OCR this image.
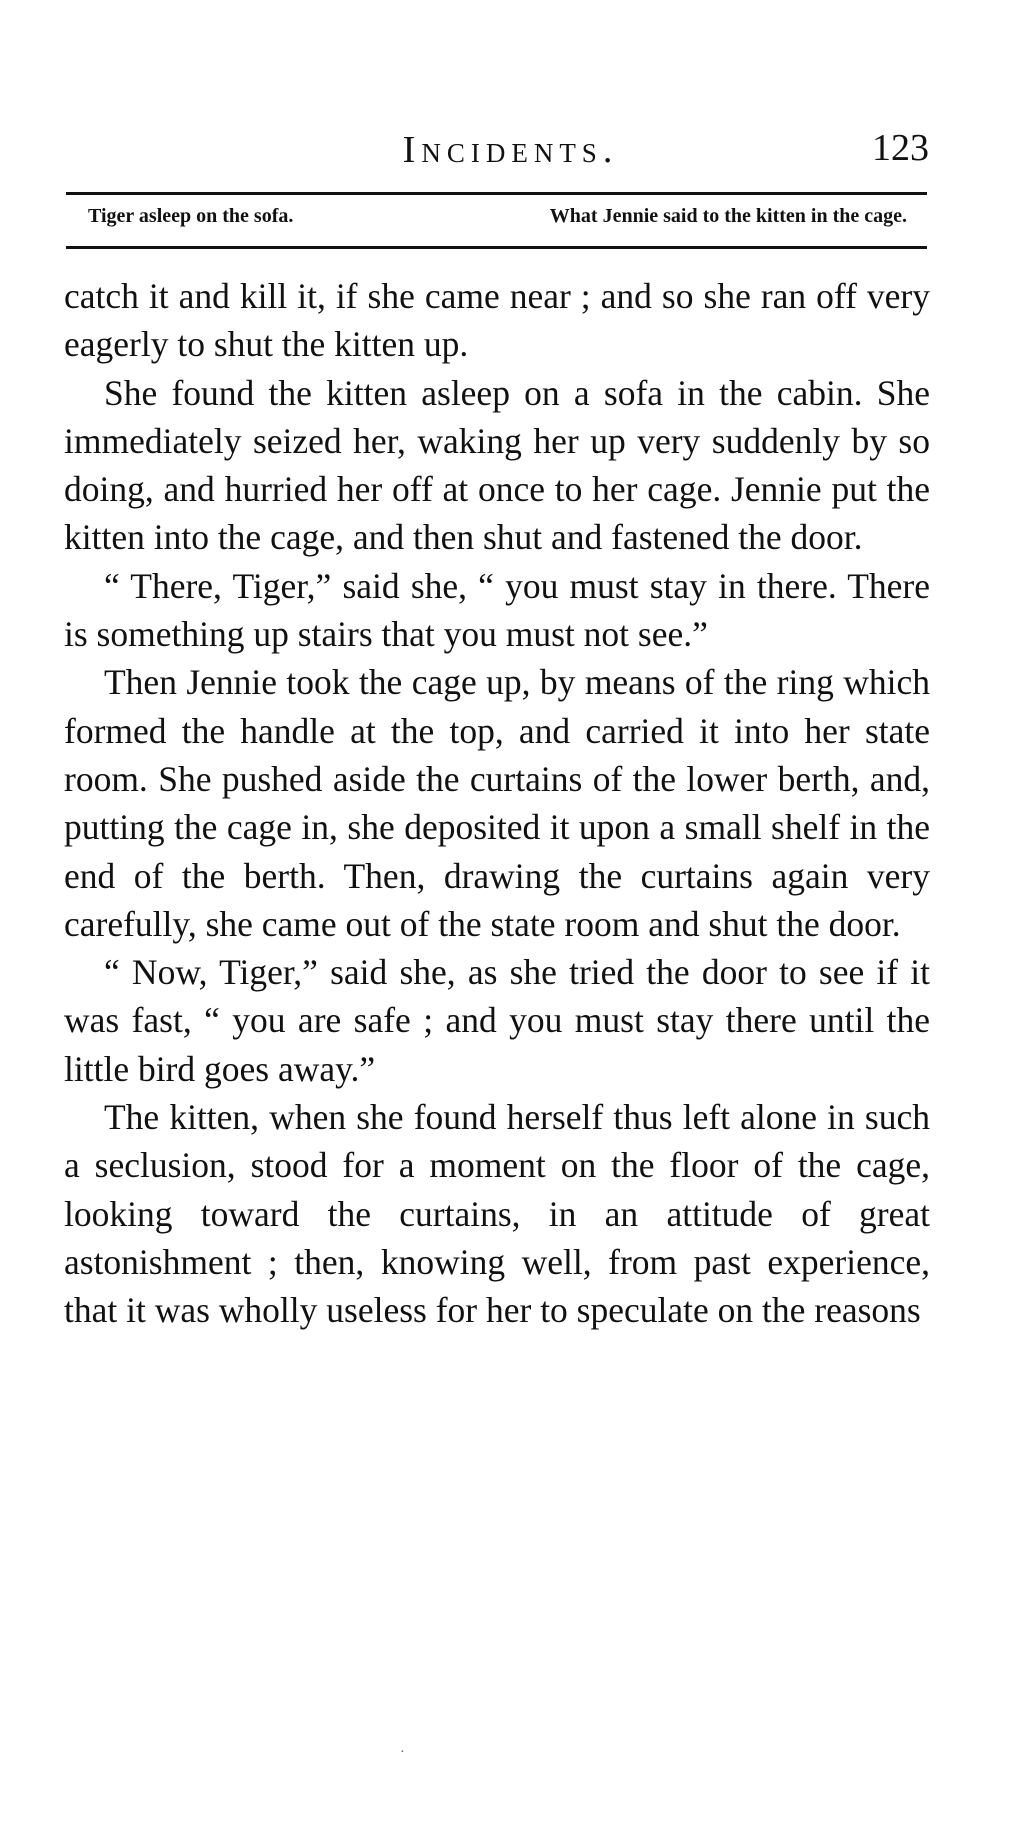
Incidents.	123
Tiger asleep on the sofa.	What Jennie said to the kitten in the cage.

catch it and kill it, if she came near ; and so she ran off very eagerly to shut the kitten up.

She found the kitten asleep on a sofa in the cabin. She immediately seized her, waking her up very suddenly by so doing, and hurried her off at once to her cage. Jennie put the kitten into the cage, and then shut and fastened the door.

“ There, Tiger,” said she, “ you must stay in there. There is something up stairs that you must not see.”

Then Jennie took the cage up, by means of the ring which formed the handle at the top, and carried it into her state room. She pushed aside the curtains of the lower berth, and, putting the cage in, she deposited it upon a small shelf in the end of the berth. Then, drawing the curtains again very carefully, she came out of the state room and shut the door.

“ Now, Tiger,” said she, as she tried the door to see if it was fast, “ you are safe ; and you must stay there until the little bird goes away.”

The kitten, when she found herself thus left alone in such a seclusion, stood for a moment on the floor of the cage, looking toward the curtains, in an attitude of great astonishment ; then, knowing well, from past experience, that it was wholly useless for her to speculate on the reasons

·
